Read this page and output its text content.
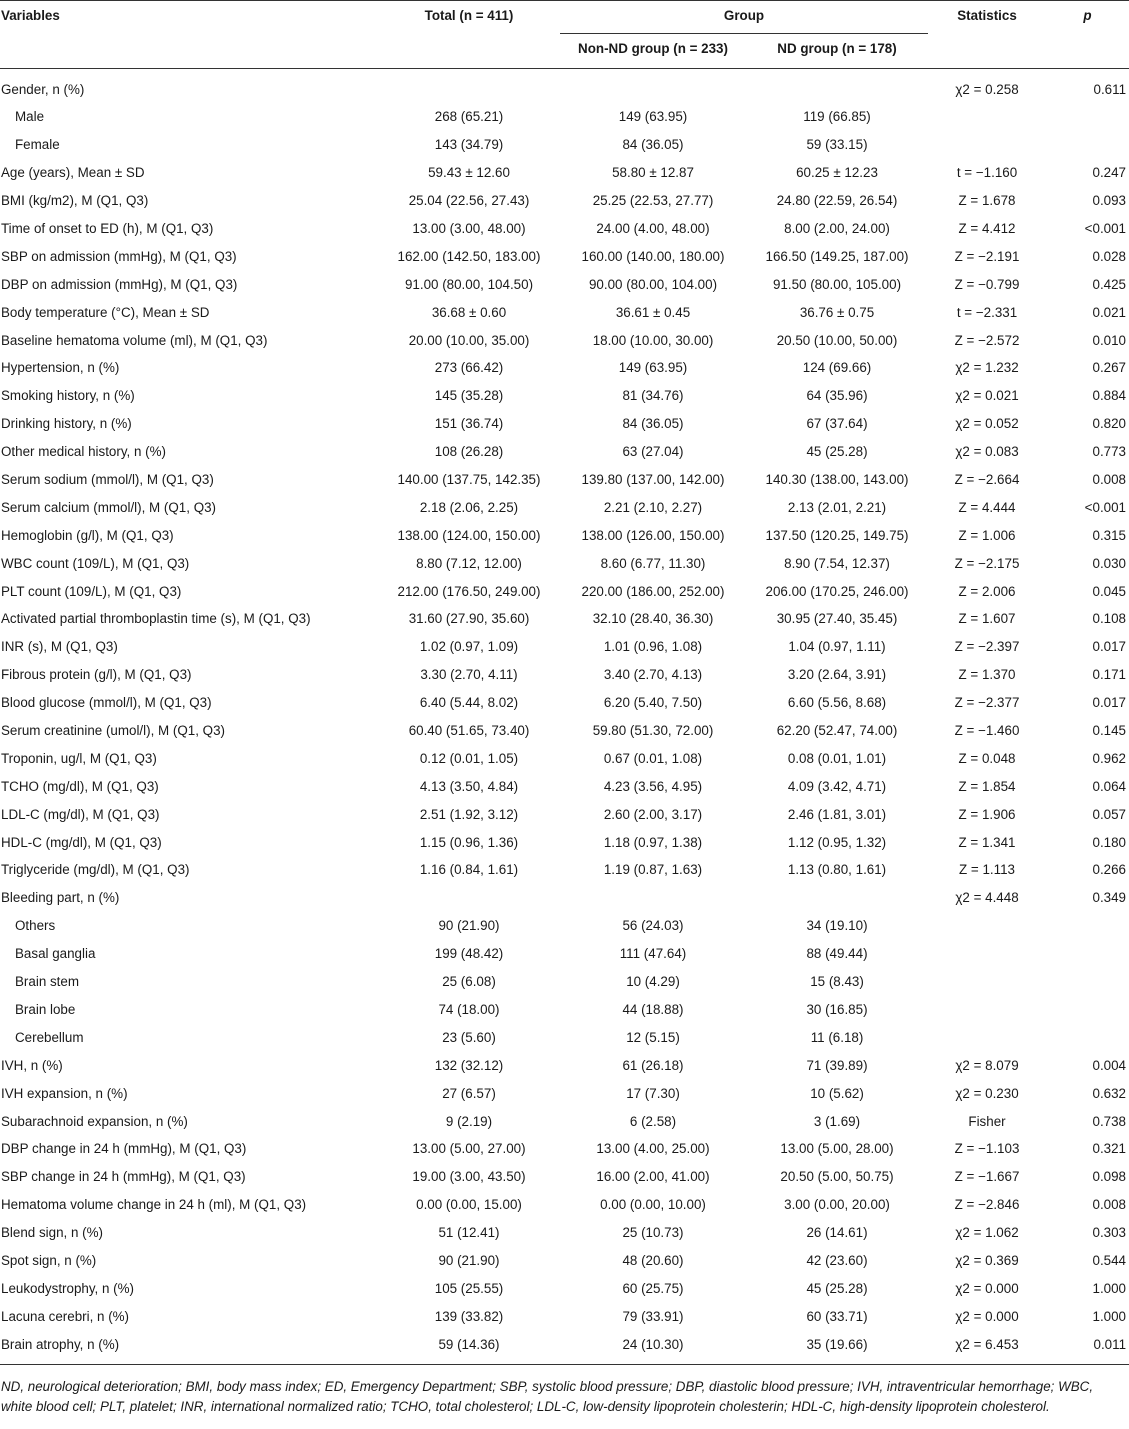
Variables	Total (n = 411)	Group		Statistics	p
		Non-ND group (n = 233)	ND group (n = 178)		
Gender, n (%)				χ2 = 0.258	0.611
Male	268 (65.21)	149 (63.95)	119 (66.85)		
Female	143 (34.79)	84 (36.05)	59 (33.15)		
Age (years), Mean ± SD	59.43 ± 12.60	58.80 ± 12.87	60.25 ± 12.23	t = −1.160	0.247
BMI (kg/m2), M (Q1, Q3)	25.04 (22.56, 27.43)	25.25 (22.53, 27.77)	24.80 (22.59, 26.54)	Z = 1.678	0.093
Time of onset to ED (h), M (Q1, Q3)	13.00 (3.00, 48.00)	24.00 (4.00, 48.00)	8.00 (2.00, 24.00)	Z = 4.412	<0.001
SBP on admission (mmHg), M (Q1, Q3)	162.00 (142.50, 183.00)	160.00 (140.00, 180.00)	166.50 (149.25, 187.00)	Z = −2.191	0.028
DBP on admission (mmHg), M (Q1, Q3)	91.00 (80.00, 104.50)	90.00 (80.00, 104.00)	91.50 (80.00, 105.00)	Z = −0.799	0.425
Body temperature (°C), Mean ± SD	36.68 ± 0.60	36.61 ± 0.45	36.76 ± 0.75	t = −2.331	0.021
Baseline hematoma volume (ml), M (Q1, Q3)	20.00 (10.00, 35.00)	18.00 (10.00, 30.00)	20.50 (10.00, 50.00)	Z = −2.572	0.010
Hypertension, n (%)	273 (66.42)	149 (63.95)	124 (69.66)	χ2 = 1.232	0.267
Smoking history, n (%)	145 (35.28)	81 (34.76)	64 (35.96)	χ2 = 0.021	0.884
Drinking history, n (%)	151 (36.74)	84 (36.05)	67 (37.64)	χ2 = 0.052	0.820
Other medical history, n (%)	108 (26.28)	63 (27.04)	45 (25.28)	χ2 = 0.083	0.773
Serum sodium (mmol/l), M (Q1, Q3)	140.00 (137.75, 142.35)	139.80 (137.00, 142.00)	140.30 (138.00, 143.00)	Z = −2.664	0.008
Serum calcium (mmol/l), M (Q1, Q3)	2.18 (2.06, 2.25)	2.21 (2.10, 2.27)	2.13 (2.01, 2.21)	Z = 4.444	<0.001
Hemoglobin (g/l), M (Q1, Q3)	138.00 (124.00, 150.00)	138.00 (126.00, 150.00)	137.50 (120.25, 149.75)	Z = 1.006	0.315
WBC count (109/L), M (Q1, Q3)	8.80 (7.12, 12.00)	8.60 (6.77, 11.30)	8.90 (7.54, 12.37)	Z = −2.175	0.030
PLT count (109/L), M (Q1, Q3)	212.00 (176.50, 249.00)	220.00 (186.00, 252.00)	206.00 (170.25, 246.00)	Z = 2.006	0.045
Activated partial thromboplastin time (s), M (Q1, Q3)	31.60 (27.90, 35.60)	32.10 (28.40, 36.30)	30.95 (27.40, 35.45)	Z = 1.607	0.108
INR (s), M (Q1, Q3)	1.02 (0.97, 1.09)	1.01 (0.96, 1.08)	1.04 (0.97, 1.11)	Z = −2.397	0.017
Fibrous protein (g/l), M (Q1, Q3)	3.30 (2.70, 4.11)	3.40 (2.70, 4.13)	3.20 (2.64, 3.91)	Z = 1.370	0.171
Blood glucose (mmol/l), M (Q1, Q3)	6.40 (5.44, 8.02)	6.20 (5.40, 7.50)	6.60 (5.56, 8.68)	Z = −2.377	0.017
Serum creatinine (umol/l), M (Q1, Q3)	60.40 (51.65, 73.40)	59.80 (51.30, 72.00)	62.20 (52.47, 74.00)	Z = −1.460	0.145
Troponin, ug/l, M (Q1, Q3)	0.12 (0.01, 1.05)	0.67 (0.01, 1.08)	0.08 (0.01, 1.01)	Z = 0.048	0.962
TCHO (mg/dl), M (Q1, Q3)	4.13 (3.50, 4.84)	4.23 (3.56, 4.95)	4.09 (3.42, 4.71)	Z = 1.854	0.064
LDL-C (mg/dl), M (Q1, Q3)	2.51 (1.92, 3.12)	2.60 (2.00, 3.17)	2.46 (1.81, 3.01)	Z = 1.906	0.057
HDL-C (mg/dl), M (Q1, Q3)	1.15 (0.96, 1.36)	1.18 (0.97, 1.38)	1.12 (0.95, 1.32)	Z = 1.341	0.180
Triglyceride (mg/dl), M (Q1, Q3)	1.16 (0.84, 1.61)	1.19 (0.87, 1.63)	1.13 (0.80, 1.61)	Z = 1.113	0.266
Bleeding part, n (%)				χ2 = 4.448	0.349
Others	90 (21.90)	56 (24.03)	34 (19.10)		
Basal ganglia	199 (48.42)	111 (47.64)	88 (49.44)		
Brain stem	25 (6.08)	10 (4.29)	15 (8.43)		
Brain lobe	74 (18.00)	44 (18.88)	30 (16.85)		
Cerebellum	23 (5.60)	12 (5.15)	11 (6.18)		
IVH, n (%)	132 (32.12)	61 (26.18)	71 (39.89)	χ2 = 8.079	0.004
IVH expansion, n (%)	27 (6.57)	17 (7.30)	10 (5.62)	χ2 = 0.230	0.632
Subarachnoid expansion, n (%)	9 (2.19)	6 (2.58)	3 (1.69)	Fisher	0.738
DBP change in 24 h (mmHg), M (Q1, Q3)	13.00 (5.00, 27.00)	13.00 (4.00, 25.00)	13.00 (5.00, 28.00)	Z = −1.103	0.321
SBP change in 24 h (mmHg), M (Q1, Q3)	19.00 (3.00, 43.50)	16.00 (2.00, 41.00)	20.50 (5.00, 50.75)	Z = −1.667	0.098
Hematoma volume change in 24 h (ml), M (Q1, Q3)	0.00 (0.00, 15.00)	0.00 (0.00, 10.00)	3.00 (0.00, 20.00)	Z = −2.846	0.008
Blend sign, n (%)	51 (12.41)	25 (10.73)	26 (14.61)	χ2 = 1.062	0.303
Spot sign, n (%)	90 (21.90)	48 (20.60)	42 (23.60)	χ2 = 0.369	0.544
Leukodystrophy, n (%)	105 (25.55)	60 (25.75)	45 (25.28)	χ2 = 0.000	1.000
Lacuna cerebri, n (%)	139 (33.82)	79 (33.91)	60 (33.71)	χ2 = 0.000	1.000
Brain atrophy, n (%)	59 (14.36)	24 (10.30)	35 (19.66)	χ2 = 6.453	0.011
ND, neurological deterioration; BMI, body mass index; ED, Emergency Department; SBP, systolic blood pressure; DBP, diastolic blood pressure; IVH, intraventricular hemorrhage; WBC, white blood cell; PLT, platelet; INR, international normalized ratio; TCHO, total cholesterol; LDL-C, low-density lipoprotein cholesterin; HDL-C, high-density lipoprotein cholesterol.
